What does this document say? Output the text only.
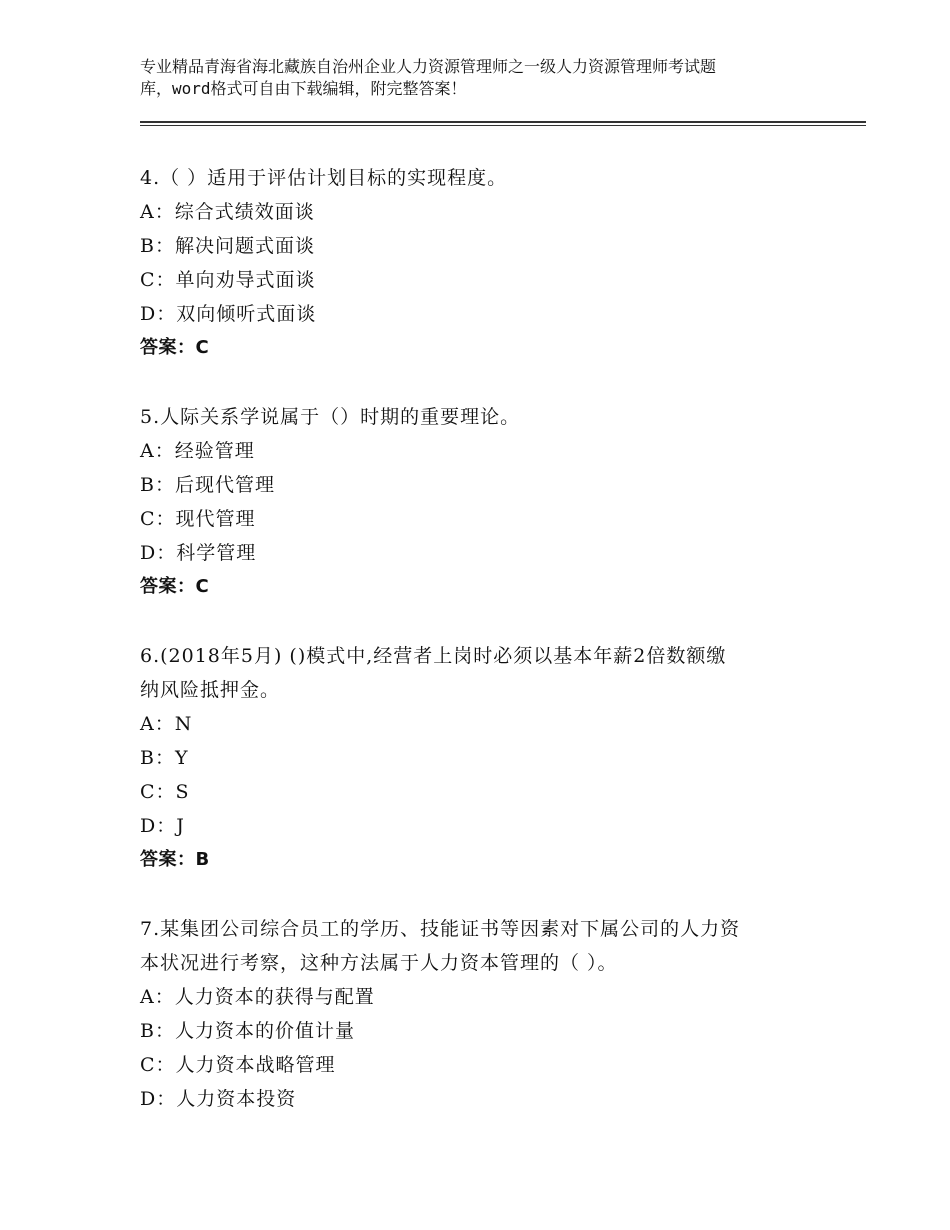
专业精品青海省海北藏族自治州企业人力资源管理师之一级人力资源管理师考试题
库，word格式可自由下载编辑，附完整答案！
4.（ ）适用于评估计划目标的实现程度。
A：综合式绩效面谈
B：解决问题式面谈
C：单向劝导式面谈
D：双向倾听式面谈
答案：C
5.人际关系学说属于（）时期的重要理论。
A：经验管理
B：后现代管理
C：现代管理
D：科学管理
答案：C
6.(2018年5月) ()模式中,经营者上岗时必须以基本年薪2倍数额缴
纳风险抵押金。
A：N
B：Y
C：S
D：J
答案：B
7.某集团公司综合员工的学历、技能证书等因素对下属公司的人力资
本状况进行考察，这种方法属于人力资本管理的（ ）。
A：人力资本的获得与配置
B：人力资本的价值计量
C：人力资本战略管理
D：人力资本投资
